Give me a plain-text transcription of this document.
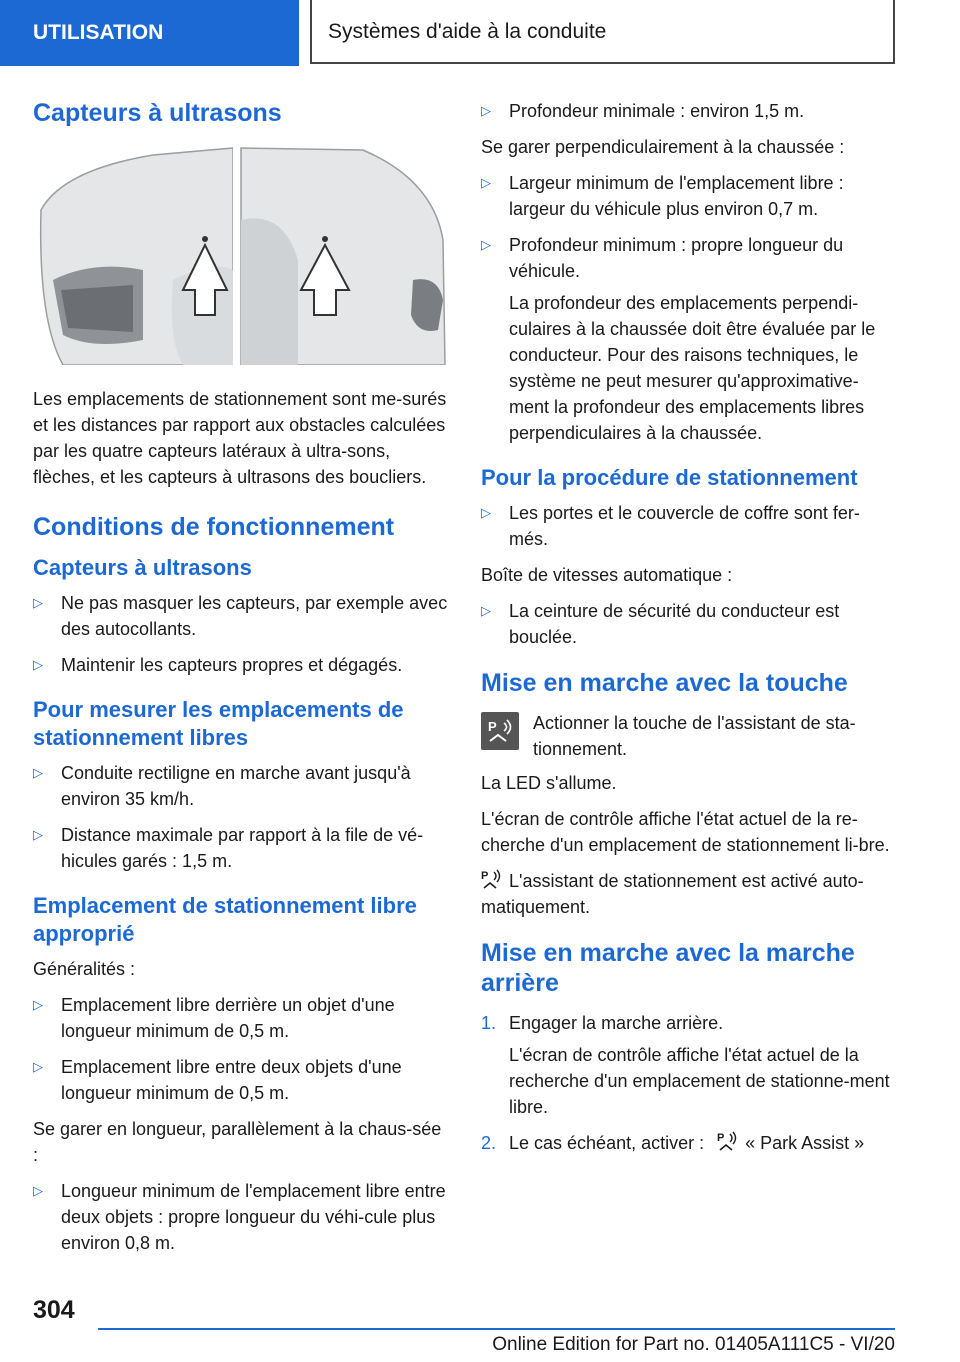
UTILISATION	Systèmes d'aide à la conduite
Capteurs à ultrasons
Les emplacements de stationnement sont me-surés et les distances par rapport aux obstacles calculées par les quatre capteurs latéraux à ultra-sons, flèches, et les capteurs à ultrasons des boucliers.
Conditions de fonctionnement
Capteurs à ultrasons
▷
Ne pas masquer les capteurs, par exemple avec des autocollants.
▷
Maintenir les capteurs propres et dégagés.
Pour mesurer les emplacements de stationnement libres
▷
Conduite rectiligne en marche avant jusqu'à environ 35 km/h.
▷
Distance maximale par rapport à la file de vé-hicules garés : 1,5 m.
Emplacement de stationnement libre approprié
Généralités :
▷
Emplacement libre derrière un objet d'une longueur minimum de 0,5 m.
▷
Emplacement libre entre deux objets d'une longueur minimum de 0,5 m.
Se garer en longueur, parallèlement à la chaus-sée :
▷
Longueur minimum de l'emplacement libre entre deux objets : propre longueur du véhi-cule plus environ 0,8 m.
▷
Profondeur minimale : environ 1,5 m.
Se garer perpendiculairement à la chaussée :
▷
Largeur minimum de l'emplacement libre : largeur du véhicule plus environ 0,7 m.
▷
Profondeur minimum : propre longueur du véhicule.
La profondeur des emplacements perpendi-culaires à la chaussée doit être évaluée par le conducteur. Pour des raisons techniques, le système ne peut mesurer qu'approximative-ment la profondeur des emplacements libres perpendiculaires à la chaussée.
Pour la procédure de stationnement
▷
Les portes et le couvercle de coffre sont fer-més.
Boîte de vitesses automatique :
▷
La ceinture de sécurité du conducteur est bouclée.
Mise en marche avec la touche
P Actionner la touche de l'assistant de sta-tionnement.
La LED s'allume.
L'écran de contrôle affiche l'état actuel de la re-cherche d'un emplacement de stationnement li-bre.
P L'assistant de stationnement est activé auto-matiquement.
Mise en marche avec la marche arrière
1. Engager la marche arrière.
L'écran de contrôle affiche l'état actuel de la recherche d'un emplacement de stationne-ment libre.
2. Le cas échéant, activer : P « Park Assist »
304
Online Edition for Part no. 01405A111C5 - VI/20
